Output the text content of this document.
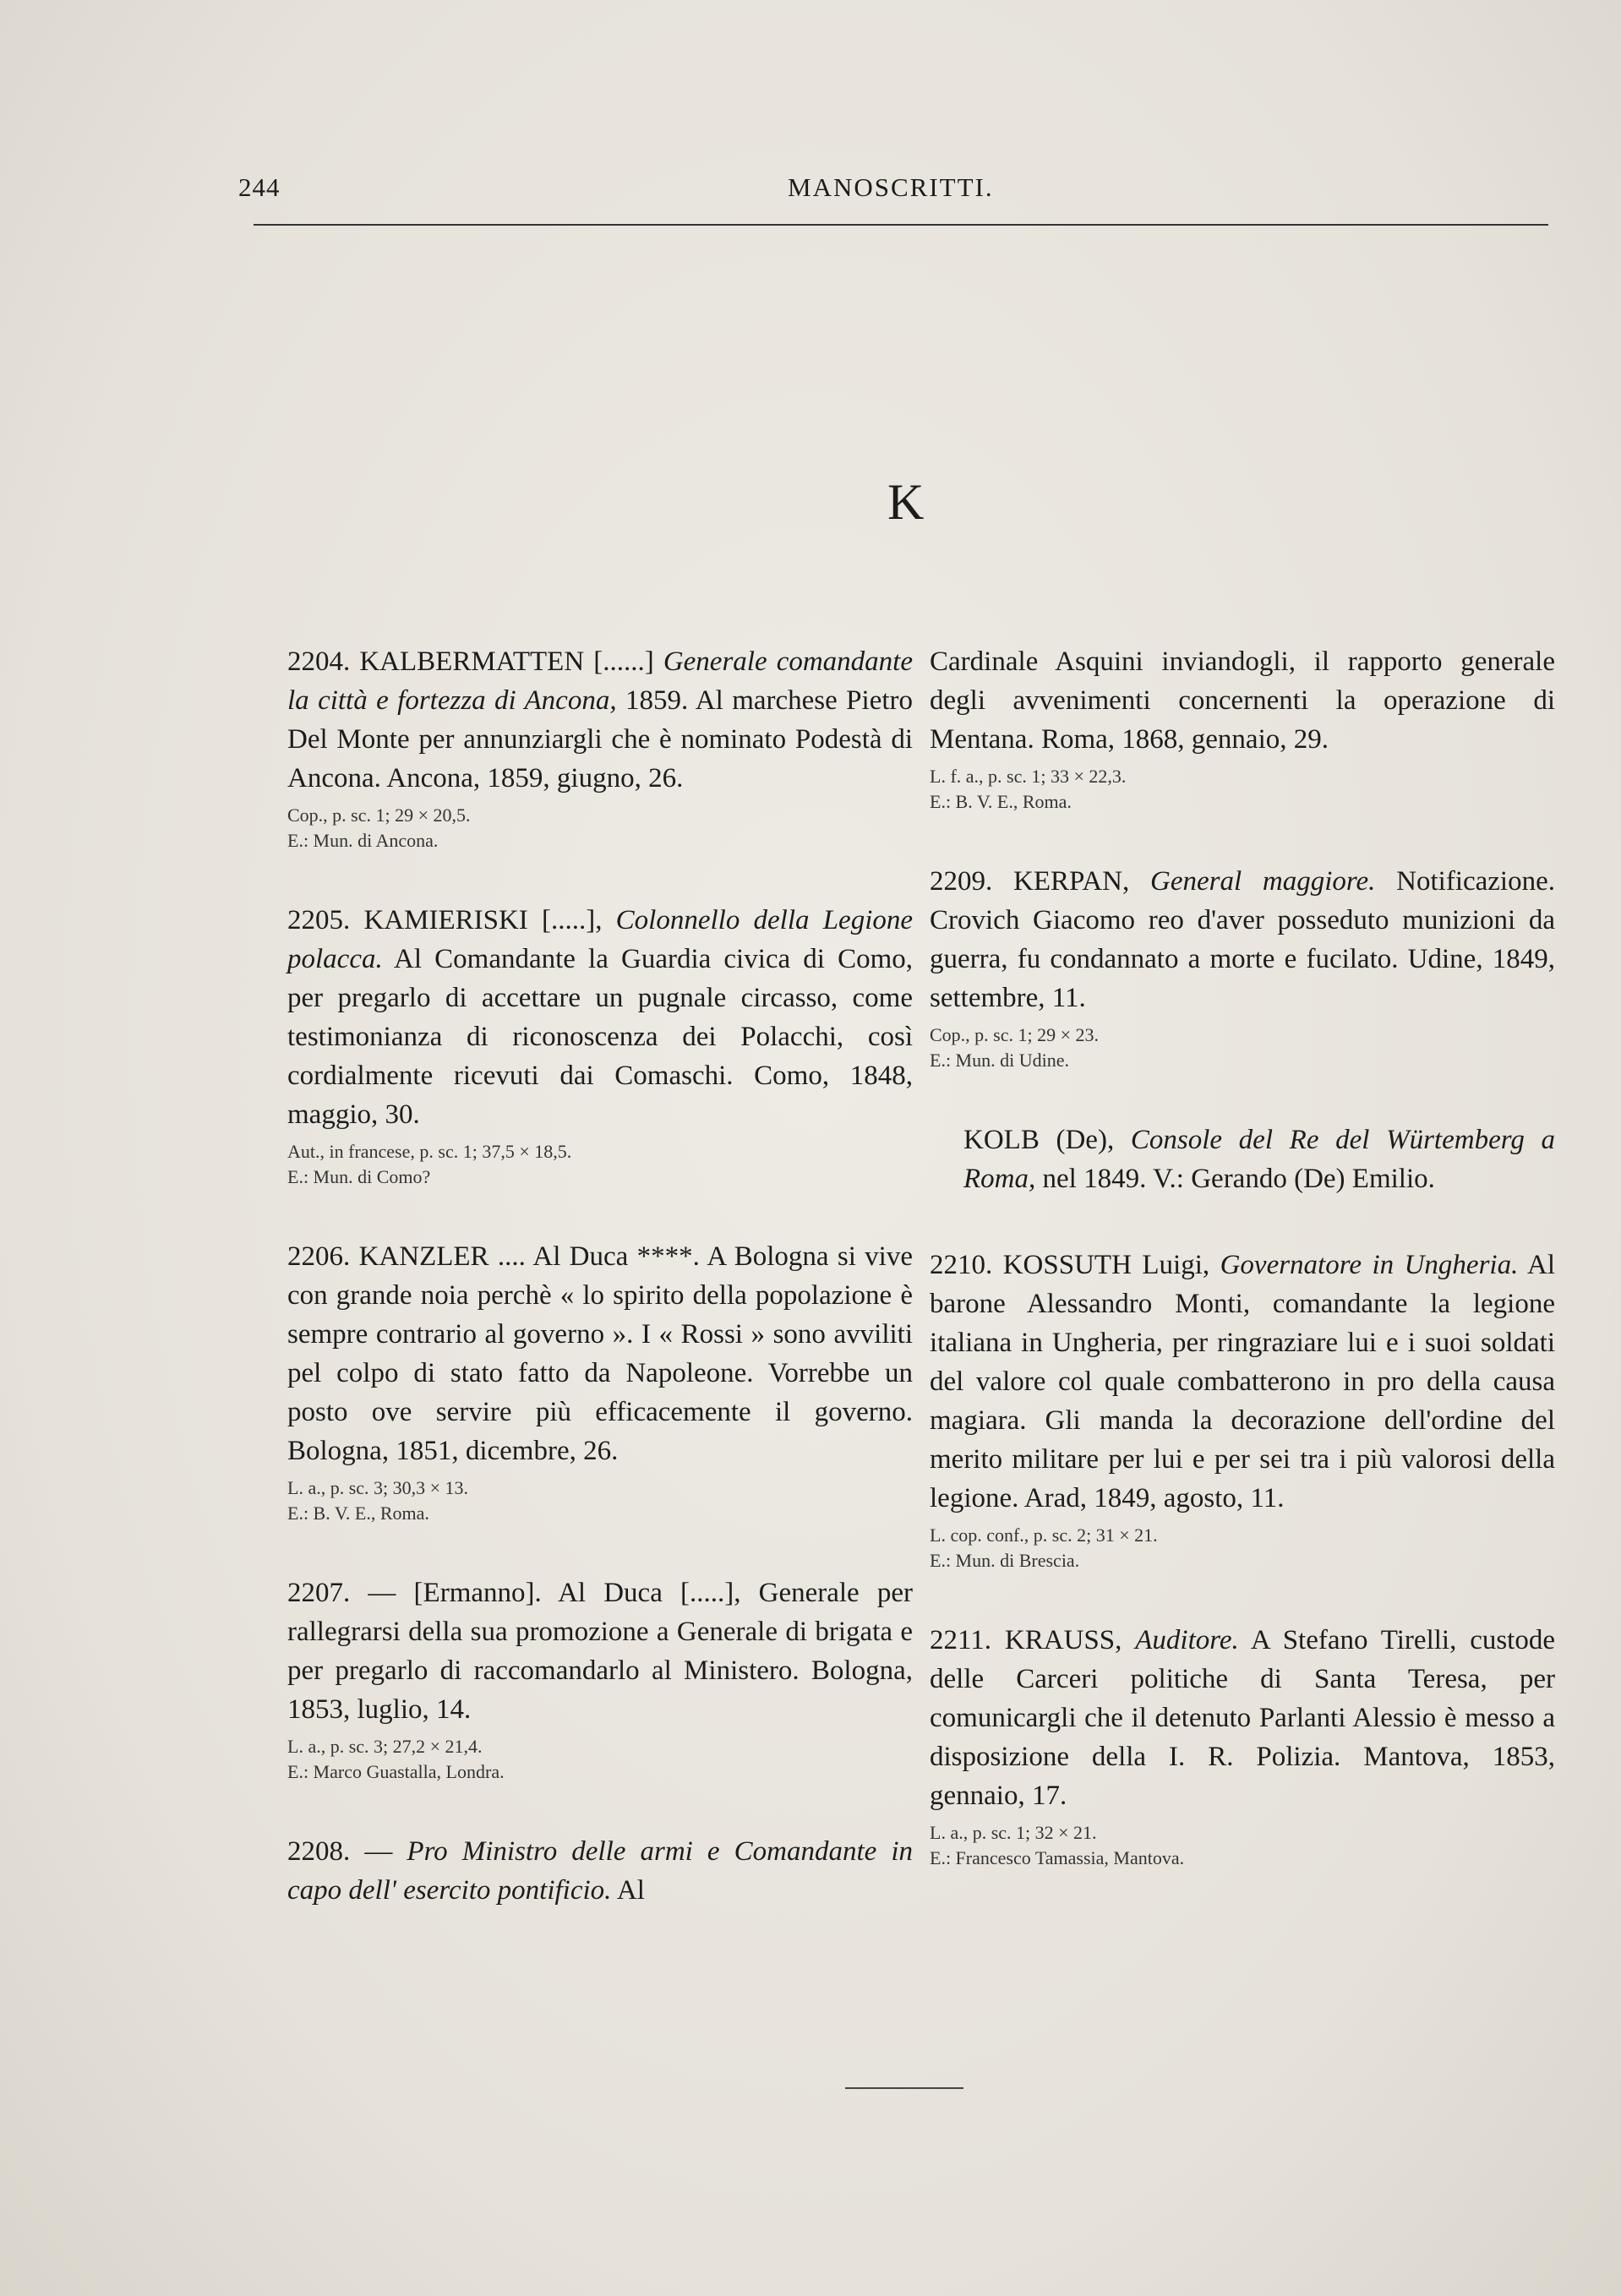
244	MANOSCRITTI.
K

2204. KALBERMATTEN [......] Generale comandante la città e fortezza di Ancona, 1859. Al marchese Pietro Del Monte per annunziargli che è nominato Podestà di Ancona. Ancona, 1859, giugno, 26.

Cop., p. sc. 1; 29 × 20,5.

E.: Mun. di Ancona.

2205. KAMIERISKI [.....], Colonnello della Legione polacca. Al Comandante la Guardia civica di Como, per pregarlo di accettare un pugnale circasso, come testimonianza di riconoscenza dei Polacchi, così cordialmente ricevuti dai Comaschi. Como, 1848, maggio, 30.

Aut., in francese, p. sc. 1; 37,5 × 18,5.

E.: Mun. di Como?

2206. KANZLER .... Al Duca ****. A Bologna si vive con grande noia perchè « lo spirito della popolazione è sempre contrario al governo ». I « Rossi » sono avviliti pel colpo di stato fatto da Napoleone. Vorrebbe un posto ove servire più efficacemente il governo. Bologna, 1851, dicembre, 26.

L. a., p. sc. 3; 30,3 × 13.

E.: B. V. E., Roma.

2207. — [Ermanno]. Al Duca [.....], Generale per rallegrarsi della sua promozione a Generale di brigata e per pregarlo di raccomandarlo al Ministero. Bologna, 1853, luglio, 14.

L. a., p. sc. 3; 27,2 × 21,4.

E.: Marco Guastalla, Londra.

2208. — Pro Ministro delle armi e Comandante in capo dell' esercito pontificio. Al

Cardinale Asquini inviandogli, il rapporto generale degli avvenimenti concernenti la operazione di Mentana. Roma, 1868, gennaio, 29.

L. f. a., p. sc. 1; 33 × 22,3.

E.: B. V. E., Roma.

2209. KERPAN, General maggiore. Notificazione. Crovich Giacomo reo d'aver posseduto munizioni da guerra, fu condannato a morte e fucilato. Udine, 1849, settembre, 11.

Cop., p. sc. 1; 29 × 23.

E.: Mun. di Udine.

KOLB (De), Console del Re del Würtemberg a Roma, nel 1849. V.: Gerando (De) Emilio.

2210. KOSSUTH Luigi, Governatore in Ungheria. Al barone Alessandro Monti, comandante la legione italiana in Ungheria, per ringraziare lui e i suoi soldati del valore col quale combatterono in pro della causa magiara. Gli manda la decorazione dell'ordine del merito militare per lui e per sei tra i più valorosi della legione. Arad, 1849, agosto, 11.

L. cop. conf., p. sc. 2; 31 × 21.

E.: Mun. di Brescia.

2211. KRAUSS, Auditore. A Stefano Tirelli, custode delle Carceri politiche di Santa Teresa, per comunicargli che il detenuto Parlanti Alessio è messo a disposizione della I. R. Polizia. Mantova, 1853, gennaio, 17.

L. a., p. sc. 1; 32 × 21.

E.: Francesco Tamassia, Mantova.
